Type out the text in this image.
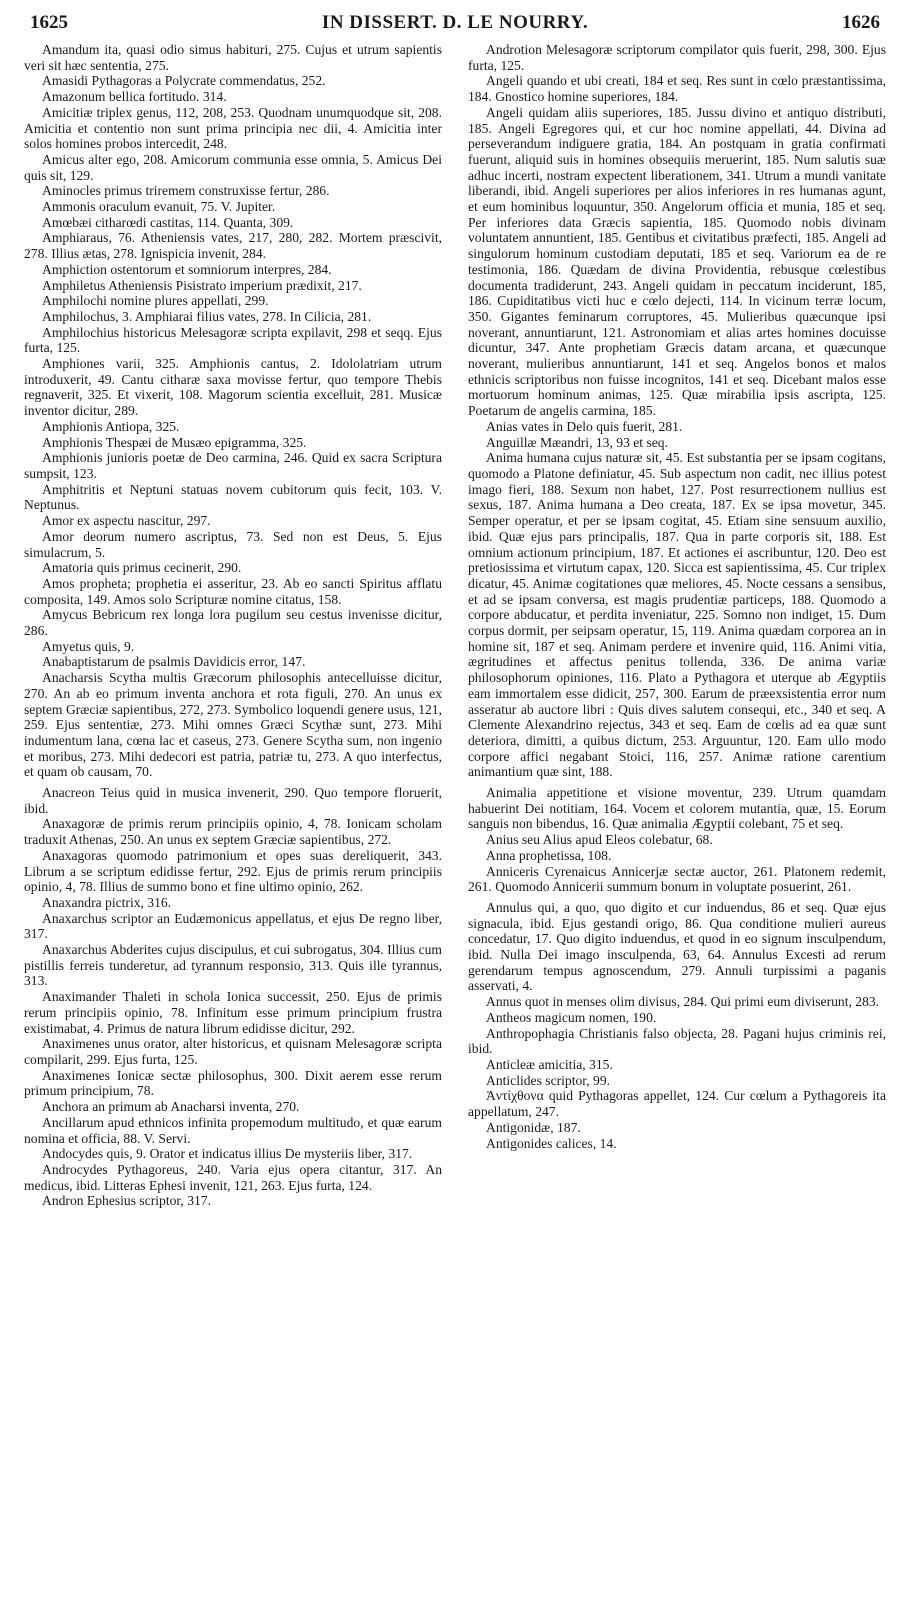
1625	IN DISSERT. D. LE NOURRY.	1626

Amandum ita, quasi odio simus habituri, 275. Cujus et utrum sapientis veri sit hæc sententia, 275.

Amasidi Pythagoras a Polycrate commendatus, 252.

Amazonum bellica fortitudo. 314.

Amicitiæ triplex genus, 112, 208, 253. Quodnam unumquodque sit, 208. Amicitia et contentio non sunt prima principia nec dii, 4. Amicitia inter solos homines probos intercedit, 248.

Amicus alter ego, 208. Amicorum communia esse omnia, 5. Amicus Dei quis sit, 129.

Aminocles primus triremem construxisse fertur, 286.

Ammonis oraculum evanuit, 75. V. Jupiter.

Amœbæi citharœdi castitas, 114. Quanta, 309.

Amphiaraus, 76. Atheniensis vates, 217, 280, 282. Mortem præscivit, 278. Illius ætas, 278. Ignispicia invenit, 284.

Amphiction ostentorum et somniorum interpres, 284.

Amphiletus Atheniensis Pisistrato imperium prædixit, 217.

Amphilochi nomine plures appellati, 299.

Amphilochus, 3. Amphiarai filius vates, 278. In Cilicia, 281.

Amphilochius historicus Melesagoræ scripta expilavit, 298 et seqq. Ejus furta, 125.

Amphiones varii, 325. Amphionis cantus, 2. Idololatriam utrum introduxerit, 49. Cantu citharæ saxa movisse fertur, quo tempore Thebis regnaverit, 325. Et vixerit, 108. Magorum scientia excelluit, 281. Musicæ inventor dicitur, 289.

Amphionis Antiopa, 325.

Amphionis Thespæi de Musæo epigramma, 325.

Amphionis junioris poetæ de Deo carmina, 246. Quid ex sacra Scriptura sumpsit, 123.

Amphitritis et Neptuni statuas novem cubitorum quis fecit, 103. V. Neptunus.

Amor ex aspectu nascitur, 297.

Amor deorum numero ascriptus, 73. Sed non est Deus, 5. Ejus simulacrum, 5.

Amatoria quis primus cecinerit, 290.

Amos propheta; prophetia ei asseritur, 23. Ab eo sancti Spiritus afflatu composita, 149. Amos solo Scripturæ nomine citatus, 158.

Amycus Bebricum rex longa lora pugilum seu cestus invenisse dicitur, 286.

Amyetus quis, 9.

Anabaptistarum de psalmis Davidicis error, 147.

Anacharsis Scytha multis Græcorum philosophis antecelluisse dicitur, 270. An ab eo primum inventa anchora et rota figuli, 270. An unus ex septem Græciæ sapientibus, 272, 273. Symbolico loquendi genere usus, 121, 259. Ejus sententiæ, 273. Mihi omnes Græci Scythæ sunt, 273. Mihi indumentum lana, cœna lac et caseus, 273. Genere Scytha sum, non ingenio et moribus, 273. Mihi dedecori est patria, patriæ tu, 273. A quo interfectus, et quam ob causam, 70.

Anacreon Teius quid in musica invenerit, 290. Quo tempore floruerit, ibid.

Anaxagoræ de primis rerum principiis opinio, 4, 78. Ionicam scholam traduxit Athenas, 250. An unus ex septem Græciæ sapientibus, 272.

Anaxagoras quomodo patrimonium et opes suas dereliquerit, 343. Librum a se scriptum edidisse fertur, 292. Ejus de primis rerum principiis opinio, 4, 78. Illius de summo bono et fine ultimo opinio, 262.

Anaxandra pictrix, 316.

Anaxarchus scriptor an Eudæmonicus appellatus, et ejus De regno liber, 317.

Anaxarchus Abderites cujus discipulus, et cui subrogatus, 304. Illius cum pistillis ferreis tunderetur, ad tyrannum responsio, 313. Quis ille tyrannus, 313.

Anaximander Thaleti in schola Ionica successit, 250. Ejus de primis rerum principiis opinio, 78. Infinitum esse primum principium frustra existimabat, 4. Primus de natura librum edidisse dicitur, 292.

Anaximenes unus orator, alter historicus, et quisnam Melesagoræ scripta compilarit, 299. Ejus furta, 125.

Anaximenes Ionicæ sectæ philosophus, 300. Dixit aerem esse rerum primum principium, 78.

Anchora an primum ab Anacharsi inventa, 270.

Ancillarum apud ethnicos infinita propemodum multitudo, et quæ earum nomina et officia, 88. V. Servi.

Andocydes quis, 9. Orator et indicatus illius De mysteriis liber, 317.

Androcydes Pythagoreus, 240. Varia ejus opera citantur, 317. An medicus, ibid. Litteras Ephesi invenit, 121, 263. Ejus furta, 124.

Andron Ephesius scriptor, 317.

Androtion Melesagoræ scriptorum compilator quis fuerit, 298, 300. Ejus furta, 125.

Angeli quando et ubi creati, 184 et seq. Res sunt in cœlo præstantissima, 184. Gnostico homine superiores, 184.

Angeli quidam aliis superiores, 185. Jussu divino et antiquo distributi, 185. Angeli Egregores qui, et cur hoc nomine appellati, 44. Divina ad perseverandum indiguere gratia, 184. An postquam in gratia confirmati fuerunt, aliquid suis in homines obsequiis meruerint, 185. Num salutis suæ adhuc incerti, nostram expectent liberationem, 341. Utrum a mundi vanitate liberandi, ibid. Angeli superiores per alios inferiores in res humanas agunt, et eum hominibus loquuntur, 350. Angelorum officia et munia, 185 et seq. Per inferiores data Græcis sapientia, 185. Quomodo nobis divinam voluntatem annuntient, 185. Gentibus et civitatibus præfecti, 185. Angeli ad singulorum hominum custodiam deputati, 185 et seq. Variorum ea de re testimonia, 186. Quædam de divina Providentia, rebusque cœlestibus documenta tradiderunt, 243. Angeli quidam in peccatum inciderunt, 185, 186. Cupiditatibus victi huc e cœlo dejecti, 114. In vicinum terræ locum, 350. Gigantes feminarum corruptores, 45. Mulieribus quæcunque ipsi noverant, annuntiarunt, 121. Astronomiam et alias artes homines docuisse dicuntur, 347. Ante prophetiam Græcis datam arcana, et quæcunque noverant, mulieribus annuntiarunt, 141 et seq. Angelos bonos et malos ethnicis scriptoribus non fuisse incognitos, 141 et seq. Dicebant malos esse mortuorum hominum animas, 125. Quæ mirabilia ipsis ascripta, 125. Poetarum de angelis carmina, 185.

Anias vates in Delo quis fuerit, 281.

Anguillæ Mæandri, 13, 93 et seq.

Anima humana cujus naturæ sit, 45. Est substantia per se ipsam cogitans, quomodo a Platone definiatur, 45. Sub aspectum non cadit, nec illius potest imago fieri, 188. Sexum non habet, 127. Post resurrectionem nullius est sexus, 187. Anima humana a Deo creata, 187. Ex se ipsa movetur, 345. Semper operatur, et per se ipsam cogitat, 45. Etiam sine sensuum auxilio, ibid. Quæ ejus pars principalis, 187. Qua in parte corporis sit, 188. Est omnium actionum principium, 187. Et actiones ei ascribuntur, 120. Deo est pretiosissima et virtutum capax, 120. Sicca est sapientissima, 45. Cur triplex dicatur, 45. Animæ cogitationes quæ meliores, 45. Nocte cessans a sensibus, et ad se ipsam conversa, est magis prudentiæ particeps, 188. Quomodo a corpore abducatur, et perdita inveniatur, 225. Somno non indiget, 15. Dum corpus dormit, per seipsam operatur, 15, 119. Anima quædam corporea an in homine sit, 187 et seq. Animam perdere et invenire quid, 116. Animi vitia, ægritudines et affectus penitus tollenda, 336. De anima variæ philosophorum opiniones, 116. Plato a Pythagora et uterque ab Ægyptiis eam immortalem esse didicit, 257, 300. Earum de præexsistentia error num asseratur ab auctore libri : Quis dives salutem consequi, etc., 340 et seq. A Clemente Alexandrino rejectus, 343 et seq. Eam de cœlis ad ea quæ sunt deteriora, dimitti, a quibus dictum, 253. Arguuntur, 120. Eam ullo modo corpore affici negabant Stoici, 116, 257. Animæ ratione carentium animantium quæ sint, 188.

Animalia appetitione et visione moventur, 239. Utrum quamdam habuerint Dei notitiam, 164. Vocem et colorem mutantia, quæ, 15. Eorum sanguis non bibendus, 16. Quæ animalia Ægyptii colebant, 75 et seq.

Anius seu Alius apud Eleos colebatur, 68.

Anna prophetissa, 108.

Anniceris Cyrenaicus Annicerjæ sectæ auctor, 261. Platonem redemit, 261. Quomodo Annicerii summum bonum in voluptate posuerint, 261.

Annulus qui, a quo, quo digito et cur induendus, 86 et seq. Quæ ejus signacula, ibid. Ejus gestandi origo, 86. Qua conditione mulieri aureus concedatur, 17. Quo digito induendus, et quod in eo signum insculpendum, ibid. Nulla Dei imago insculpenda, 63, 64. Annulus Excesti ad rerum gerendarum tempus agnoscendum, 279. Annuli turpissimi a paganis asservati, 4.

Annus quot in menses olim divisus, 284. Qui primi eum diviserunt, 283.

Antheos magicum nomen, 190.

Anthropophagia Christianis falso objecta, 28. Pagani hujus criminis rei, ibid.

Anticleæ amicitia, 315.

Anticlides scriptor, 99.

Ἀντίχθονα quid Pythagoras appellet, 124. Cur cœlum a Pythagoreis ita appellatum, 247.

Antigonidæ, 187.

Antigonides calices, 14.
